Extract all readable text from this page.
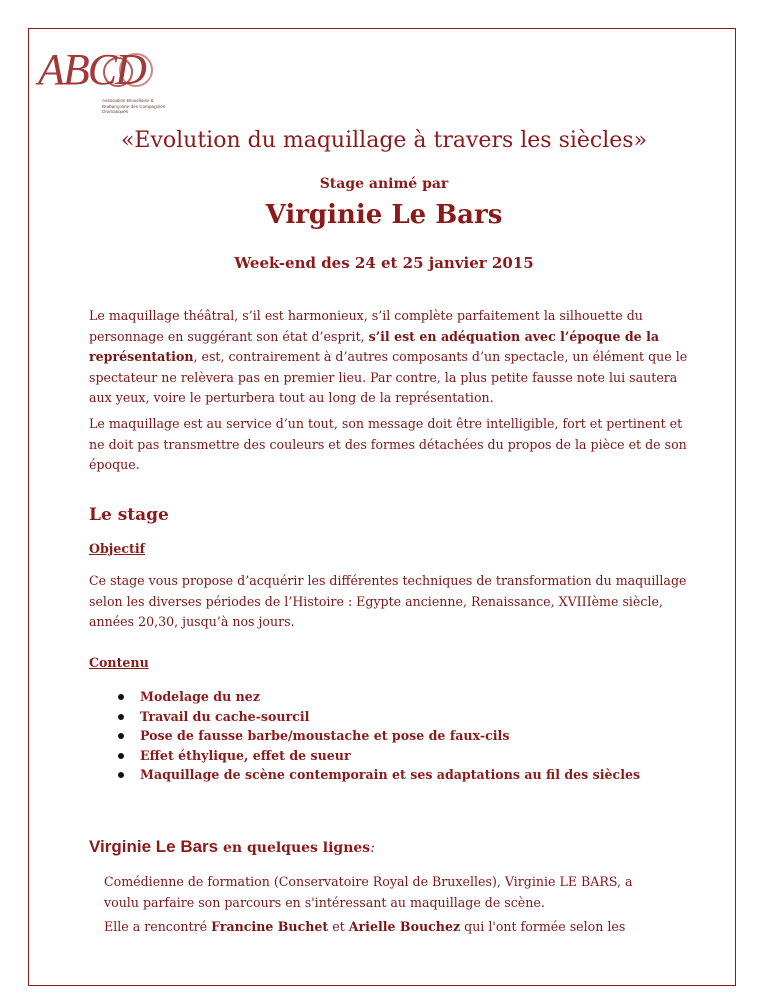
ABCD
Association Bruxelloise & Brabançonne des Compagnies Dramatiques
«Evolution du maquillage à travers les siècles»
Stage animé par
Virginie Le Bars
Week-end des 24 et 25 janvier 2015
Le maquillage théâtral, s’il est harmonieux, s’il complète parfaitement la silhouette du personnage en suggérant son état d’esprit, s’il est en adéquation avec l’époque de la représentation, est, contrairement à d’autres composants d’un spectacle, un élément que le spectateur ne relèvera pas en premier lieu. Par contre, la plus petite fausse note lui sautera aux yeux, voire le perturbera tout au long de la représentation.
Le maquillage est au service d’un tout, son message doit être intelligible, fort et pertinent et ne doit pas transmettre des couleurs et des formes détachées du propos de la pièce et de son époque.
Le stage
Objectif
Ce stage vous propose d’acquérir les différentes techniques de transformation du maquillage selon les diverses périodes de l’Histoire : Egypte ancienne, Renaissance, XVIIIème siècle, années 20,30, jusqu’à nos jours.
Contenu
Modelage du nez
Travail du cache-sourcil
Pose de fausse barbe/moustache et pose de faux-cils
Effet éthylique, effet de sueur
Maquillage de scène contemporain et ses adaptations au fil des siècles
Virginie Le Bars en quelques lignes:
Comédienne de formation (Conservatoire Royal de Bruxelles), Virginie LE BARS, a voulu parfaire son parcours en s'intéressant au maquillage de scène.
Elle a rencontré Francine Buchet et Arielle Bouchez qui l'ont formée selon les
